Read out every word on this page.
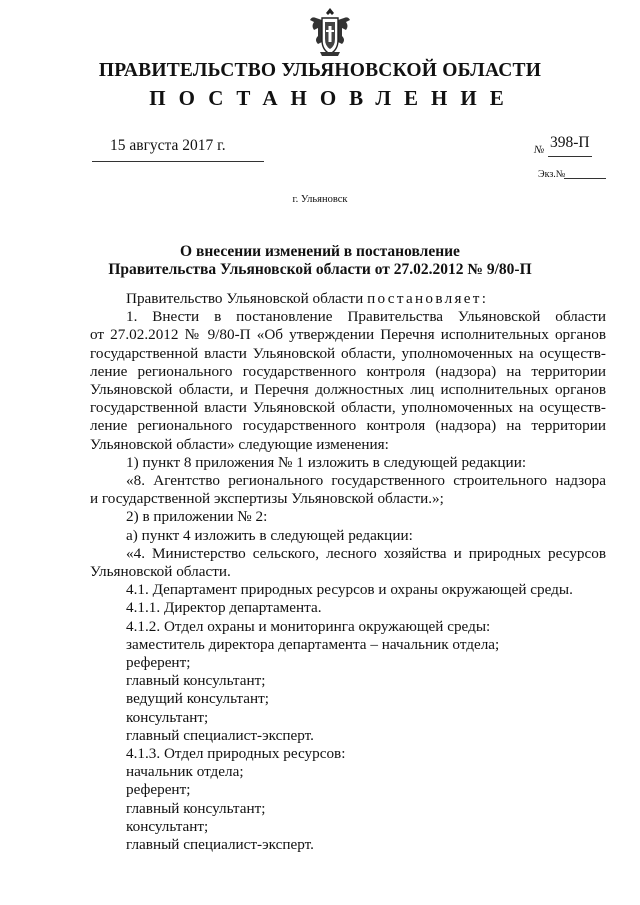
ПРАВИТЕЛЬСТВО УЛЬЯНОВСКОЙ ОБЛАСТИ
ПОСТАНОВЛЕНИЕ
15 августа 2017 г.	№ 398-П
Экз.№
г. Ульяновск
О внесении изменений в постановление
Правительства Ульяновской области от 27.02.2012 № 9/80-П

Правительство Ульяновской области постановляет:

1. Внести в постановление Правительства Ульяновской области

от 27.02.2012 № 9/80-П «Об утверждении Перечня исполнительных органов

государственной власти Ульяновской области, уполномоченных на осуществ-

ление регионального государственного контроля (надзора) на территории

Ульяновской области, и Перечня должностных лиц исполнительных органов

государственной власти Ульяновской области, уполномоченных на осуществ-

ление регионального государственного контроля (надзора) на территории

Ульяновской области» следующие изменения:

1) пункт 8 приложения № 1 изложить в следующей редакции:

«8. Агентство регионального государственного строительного надзора

и государственной экспертизы Ульяновской области.»;

2) в приложении № 2:

а) пункт 4 изложить в следующей редакции:

«4. Министерство сельского, лесного хозяйства и природных ресурсов

Ульяновской области.

4.1. Департамент природных ресурсов и охраны окружающей среды.

4.1.1. Директор департамента.

4.1.2. Отдел охраны и мониторинга окружающей среды:

заместитель директора департамента – начальник отдела;

референт;

главный консультант;

ведущий консультант;

консультант;

главный специалист-эксперт.

4.1.3. Отдел природных ресурсов:

начальник отдела;

референт;

главный консультант;

консультант;

главный специалист-эксперт.
